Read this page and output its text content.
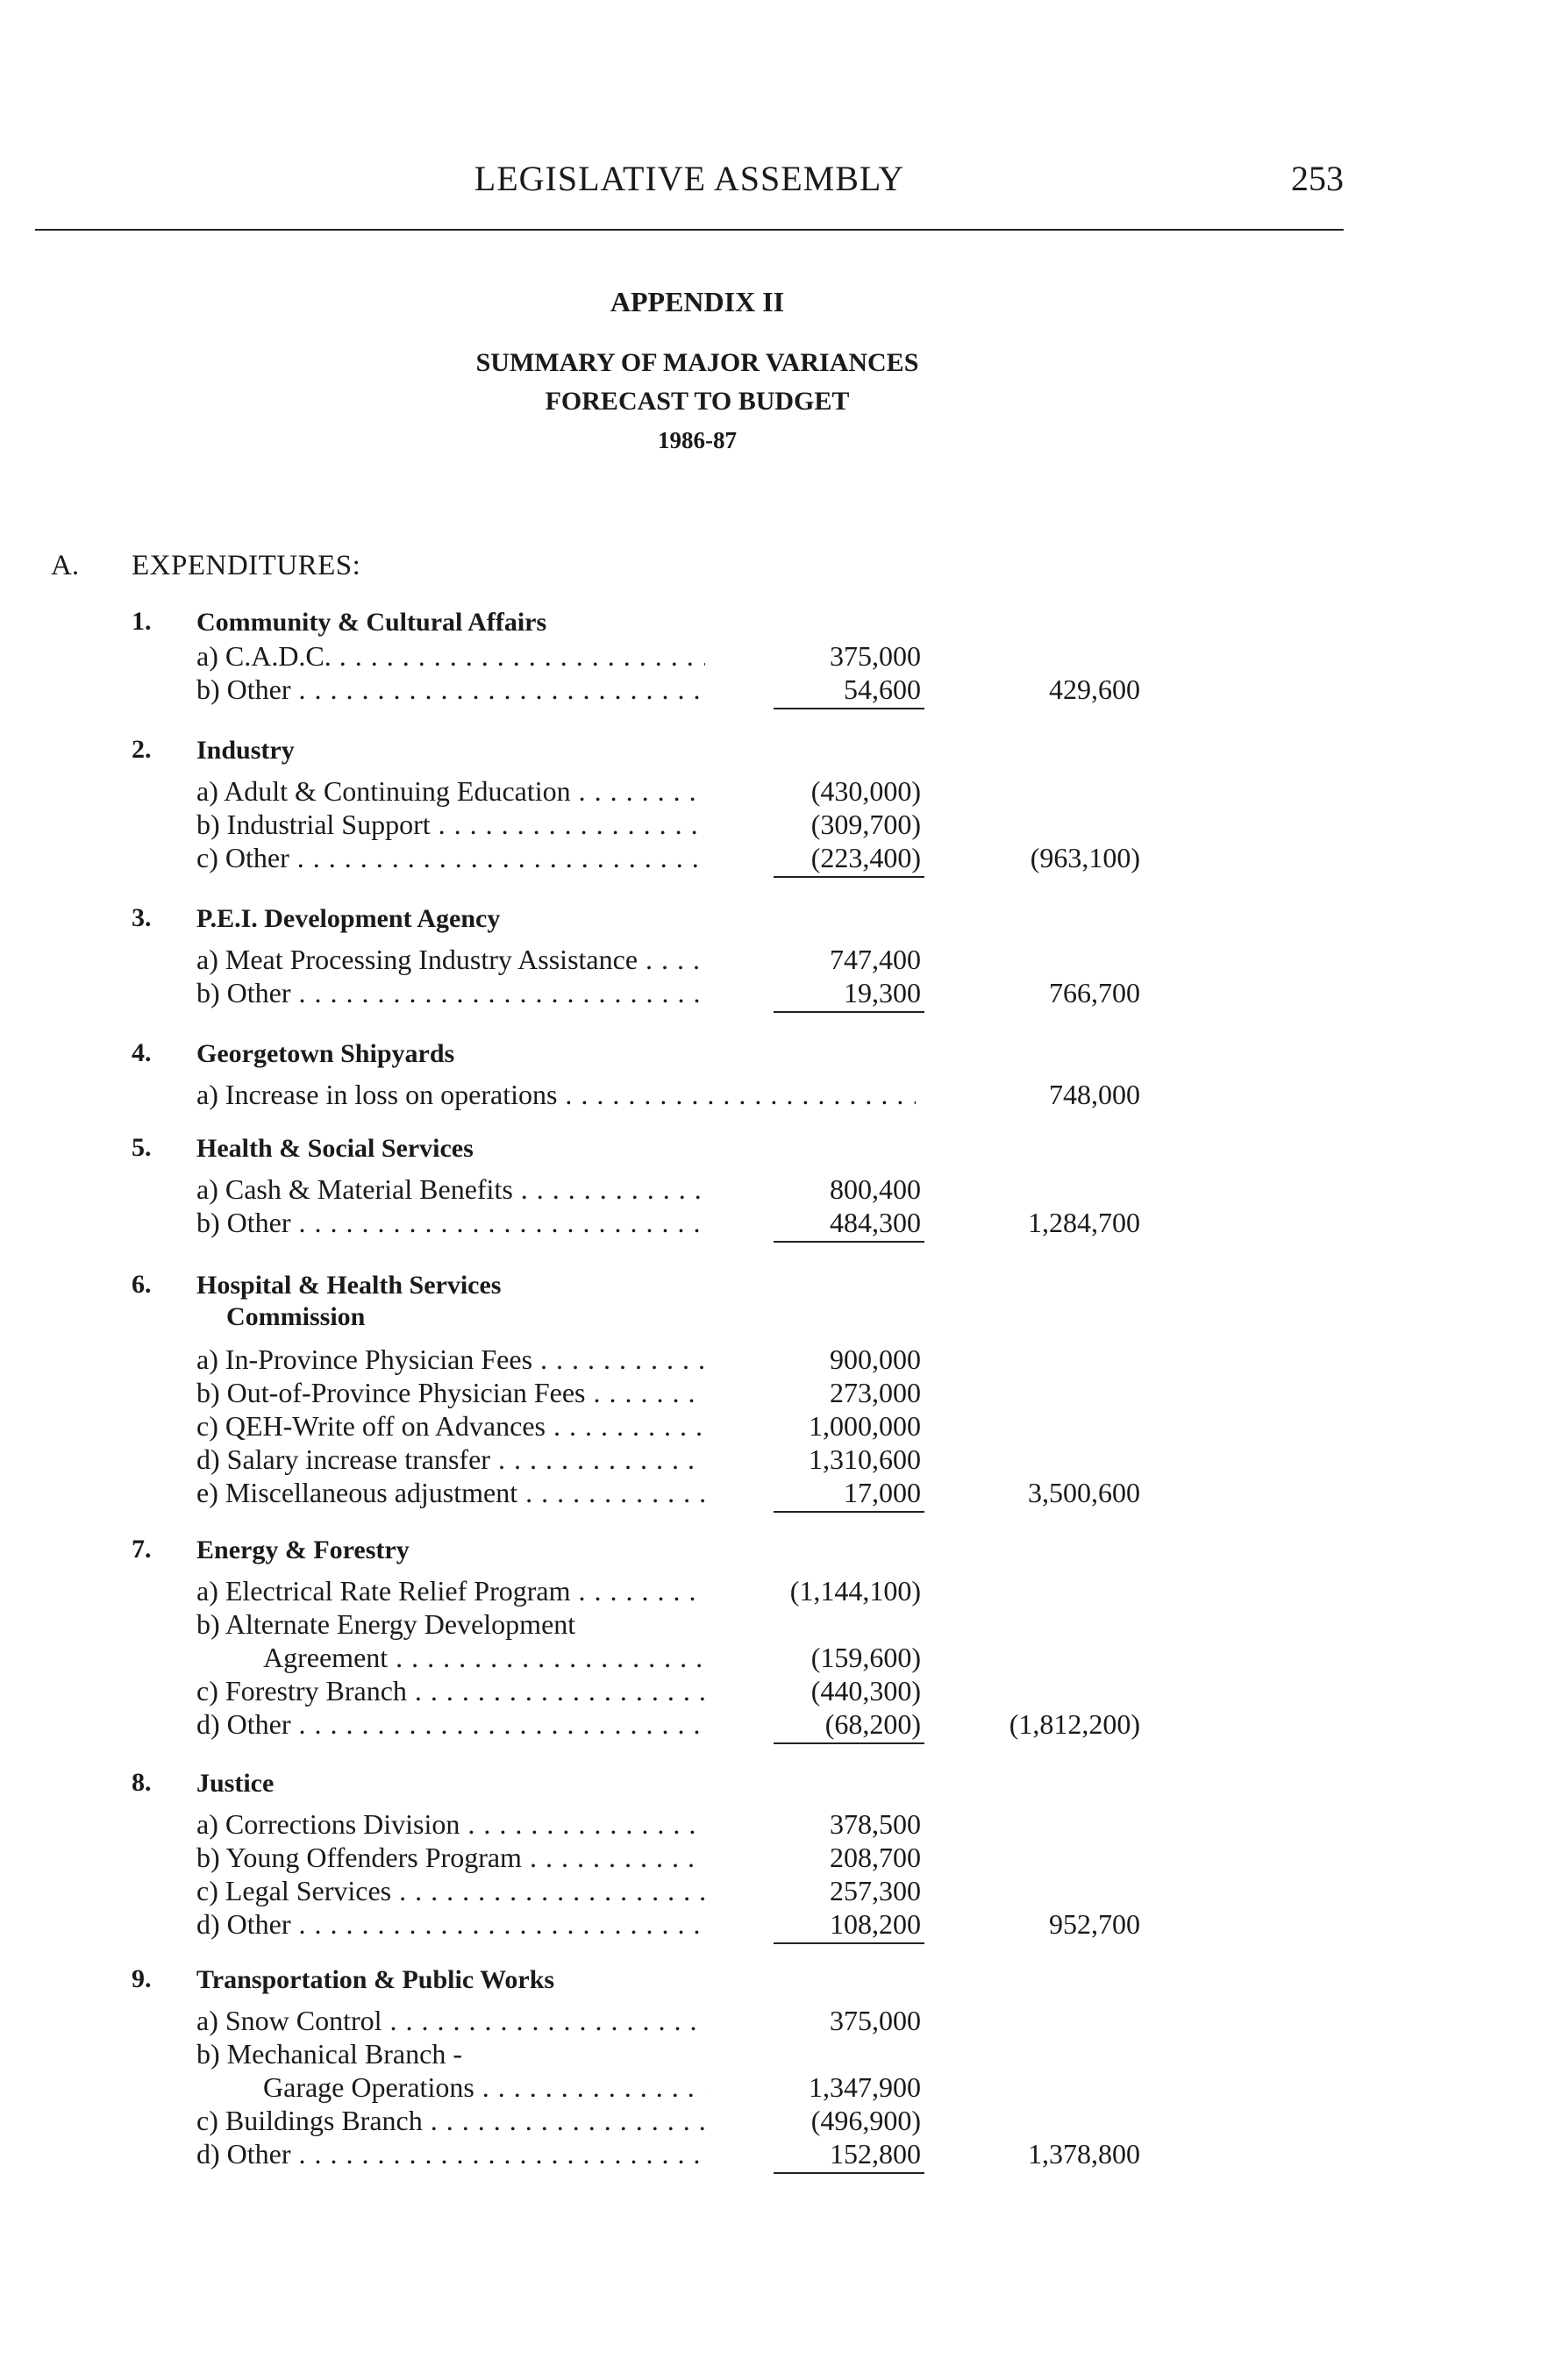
LEGISLATIVE ASSEMBLY	253
APPENDIX II
SUMMARY OF MAJOR VARIANCES
FORECAST TO BUDGET
1986-87
A. EXPENDITURES:
1. Community & Cultural Affairs
a) C.A.D.C. . . .	375,000
b) Other . . .	54,600	429,600
2. Industry
a) Adult & Continuing Education . . .	(430,000)
b) Industrial Support . . .	(309,700)
c) Other . . .	(223,400)	(963,100)
3. P.E.I. Development Agency
a) Meat Processing Industry Assistance . . .	747,400
b) Other . . .	19,300	766,700
4. Georgetown Shipyards
a) Increase in loss on operations . . .	748,000
5. Health & Social Services
a) Cash & Material Benefits . . .	800,400
b) Other . . .	484,300	1,284,700
6. Hospital & Health Services
Commission
a) In-Province Physician Fees . . .	900,000
b) Out-of-Province Physician Fees . . .	273,000
c) QEH-Write off on Advances . . .	1,000,000
d) Salary increase transfer . . .	1,310,600
e) Miscellaneous adjustment . . .	17,000	3,500,600
7. Energy & Forestry
a) Electrical Rate Relief Program . . .	(1,144,100)
b) Alternate Energy Development
Agreement . . .	(159,600)
c) Forestry Branch . . .	(440,300)
d) Other . . .	(68,200)	(1,812,200)
8. Justice
a) Corrections Division . . .	378,500
b) Young Offenders Program . . .	208,700
c) Legal Services . . .	257,300
d) Other . . .	108,200	952,700
9. Transportation & Public Works
a) Snow Control . . .	375,000
b) Mechanical Branch -
Garage Operations . . .	1,347,900
c) Buildings Branch . . .	(496,900)
d) Other . . .	152,800	1,378,800
